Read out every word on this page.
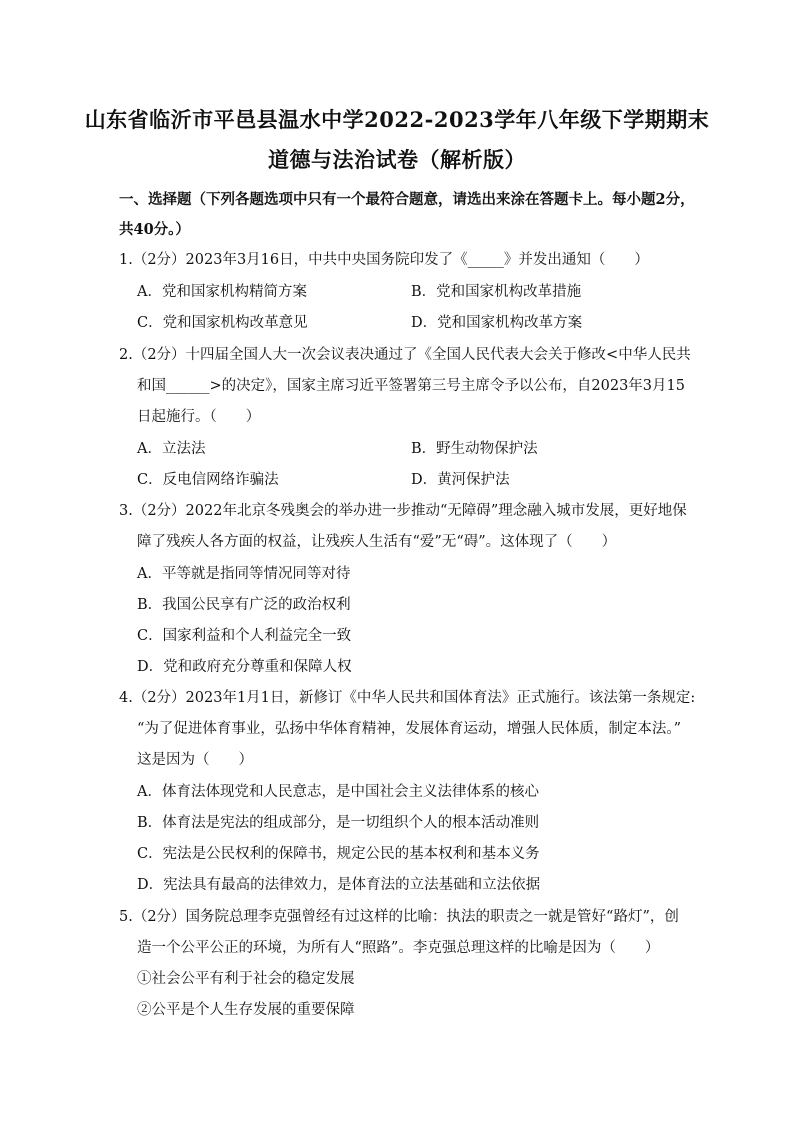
山东省临沂市平邑县温水中学2022-2023学年八年级下学期期末
道德与法治试卷（解析版）
一、选择题（下列各题选项中只有一个最符合题意，请选出来涂在答题卡上。每小题2分，
共40分。）
1.（2分）2023年3月16日，中共中央国务院印发了《_____》并发出通知（　　）
A．党和国家机构精简方案	B．党和国家机构改革措施
C．党和国家机构改革意见	D．党和国家机构改革方案
2.（2分）十四届全国人大一次会议表决通过了《全国人民代表大会关于修改<中华人民共
和国______>的决定》，国家主席习近平签署第三号主席令予以公布，自2023年3月15
日起施行。（　　）
A．立法法	B．野生动物保护法
C．反电信网络诈骗法	D．黄河保护法
3.（2分）2022年北京冬残奥会的举办进一步推动“无障碍”理念融入城市发展，更好地保
障了残疾人各方面的权益，让残疾人生活有“爱”无“碍”。这体现了（　　）
A．平等就是指同等情况同等对待
B．我国公民享有广泛的政治权利
C．国家利益和个人利益完全一致
D．党和政府充分尊重和保障人权
4.（2分）2023年1月1日，新修订《中华人民共和国体育法》正式施行。该法第一条规定:
“为了促进体育事业，弘扬中华体育精神，发展体育运动，增强人民体质，制定本法。”
这是因为（　　）
A．体育法体现党和人民意志，是中国社会主义法律体系的核心
B．体育法是宪法的组成部分，是一切组织个人的根本活动准则
C．宪法是公民权利的保障书，规定公民的基本权利和基本义务
D．宪法具有最高的法律效力，是体育法的立法基础和立法依据
5.（2分）国务院总理李克强曾经有过这样的比喻：执法的职责之一就是管好“路灯”，创
造一个公平公正的环境，为所有人“照路”。李克强总理这样的比喻是因为（　　）
①社会公平有利于社会的稳定发展
②公平是个人生存发展的重要保障
